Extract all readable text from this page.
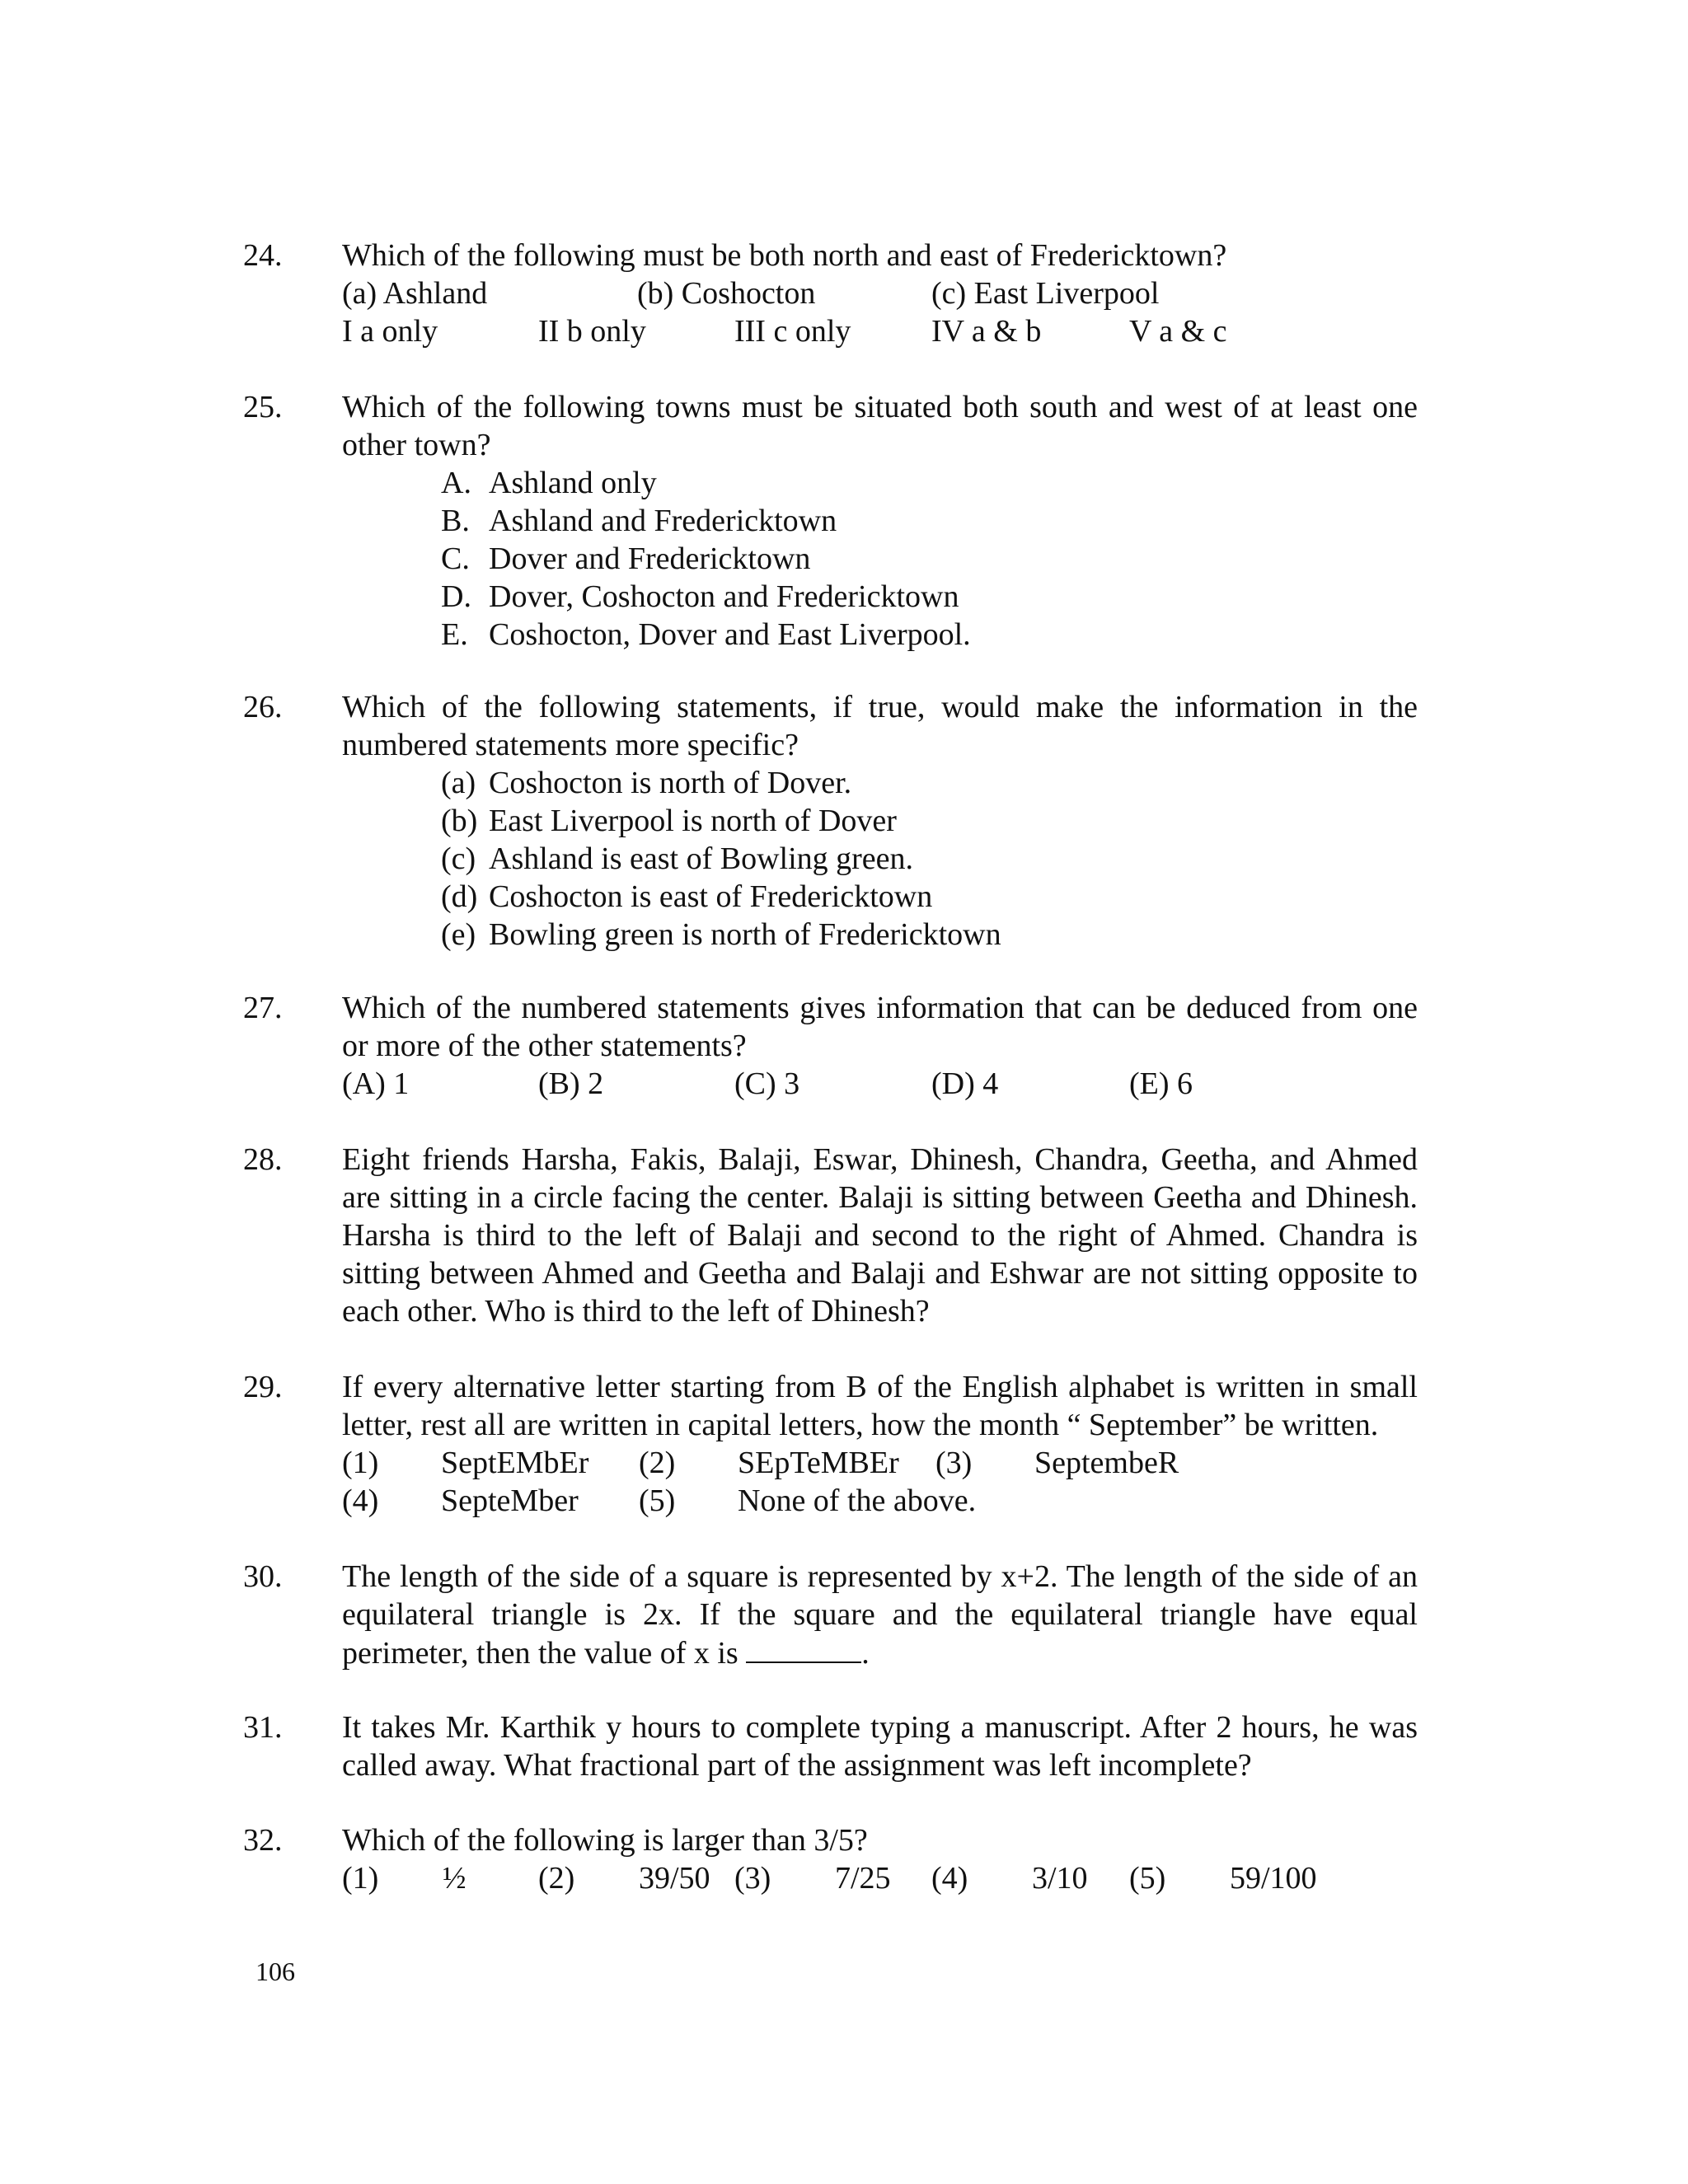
24. Which of the following must be both north and east of Fredericktown?

(a) Ashland	(b) Coshocton	(c) East Liverpool
I a only	II b only	III c only	IV a & b	V a & c
25. Which of the following towns must be situated both south and west of at least one other town?

A. Ashland only
B. Ashland and Fredericktown
C. Dover and Fredericktown
D. Dover, Coshocton and Fredericktown
E. Coshocton, Dover and East Liverpool.
26. Which of the following statements, if true, would make the information in the numbered statements more specific?

(a) Coshocton is north of Dover.
(b) East Liverpool is north of Dover
(c) Ashland is east of Bowling green.
(d) Coshocton is east of Fredericktown
(e) Bowling green is north of Fredericktown
27. Which of the numbered statements gives information that can be deduced from one or more of the other statements?

(A) 1	(B) 2	(C) 3	(D) 4	(E) 6
28. Eight friends Harsha, Fakis, Balaji, Eswar, Dhinesh, Chandra, Geetha, and Ahmed are sitting in a circle facing the center. Balaji is sitting between Geetha and Dhinesh. Harsha is third to the left of Balaji and second to the right of Ahmed. Chandra is sitting between Ahmed and Geetha and Balaji and Eshwar are not sitting opposite to each other. Who is third to the left of Dhinesh?

29. If every alternative letter starting from B of the English alphabet is written in small letter, rest all are written in capital letters, how the month “ September” be written.

(1) SeptEMbEr (2) SEpTeMBEr (3) SeptembeR
(4) SepteMber (5) None of the above.
30. The length of the side of a square is represented by x+2. The length of the side of an equilateral triangle is 2x. If the square and the equilateral triangle have equal perimeter, then the value of x is	.

31. It takes Mr. Karthik y hours to complete typing a manuscript. After 2 hours, he was called away. What fractional part of the assignment was left incomplete?

32. Which of the following is larger than 3/5?

(1) ½ (2) 39/50 (3) 7/25 (4) 3/10 (5) 59/100
106
